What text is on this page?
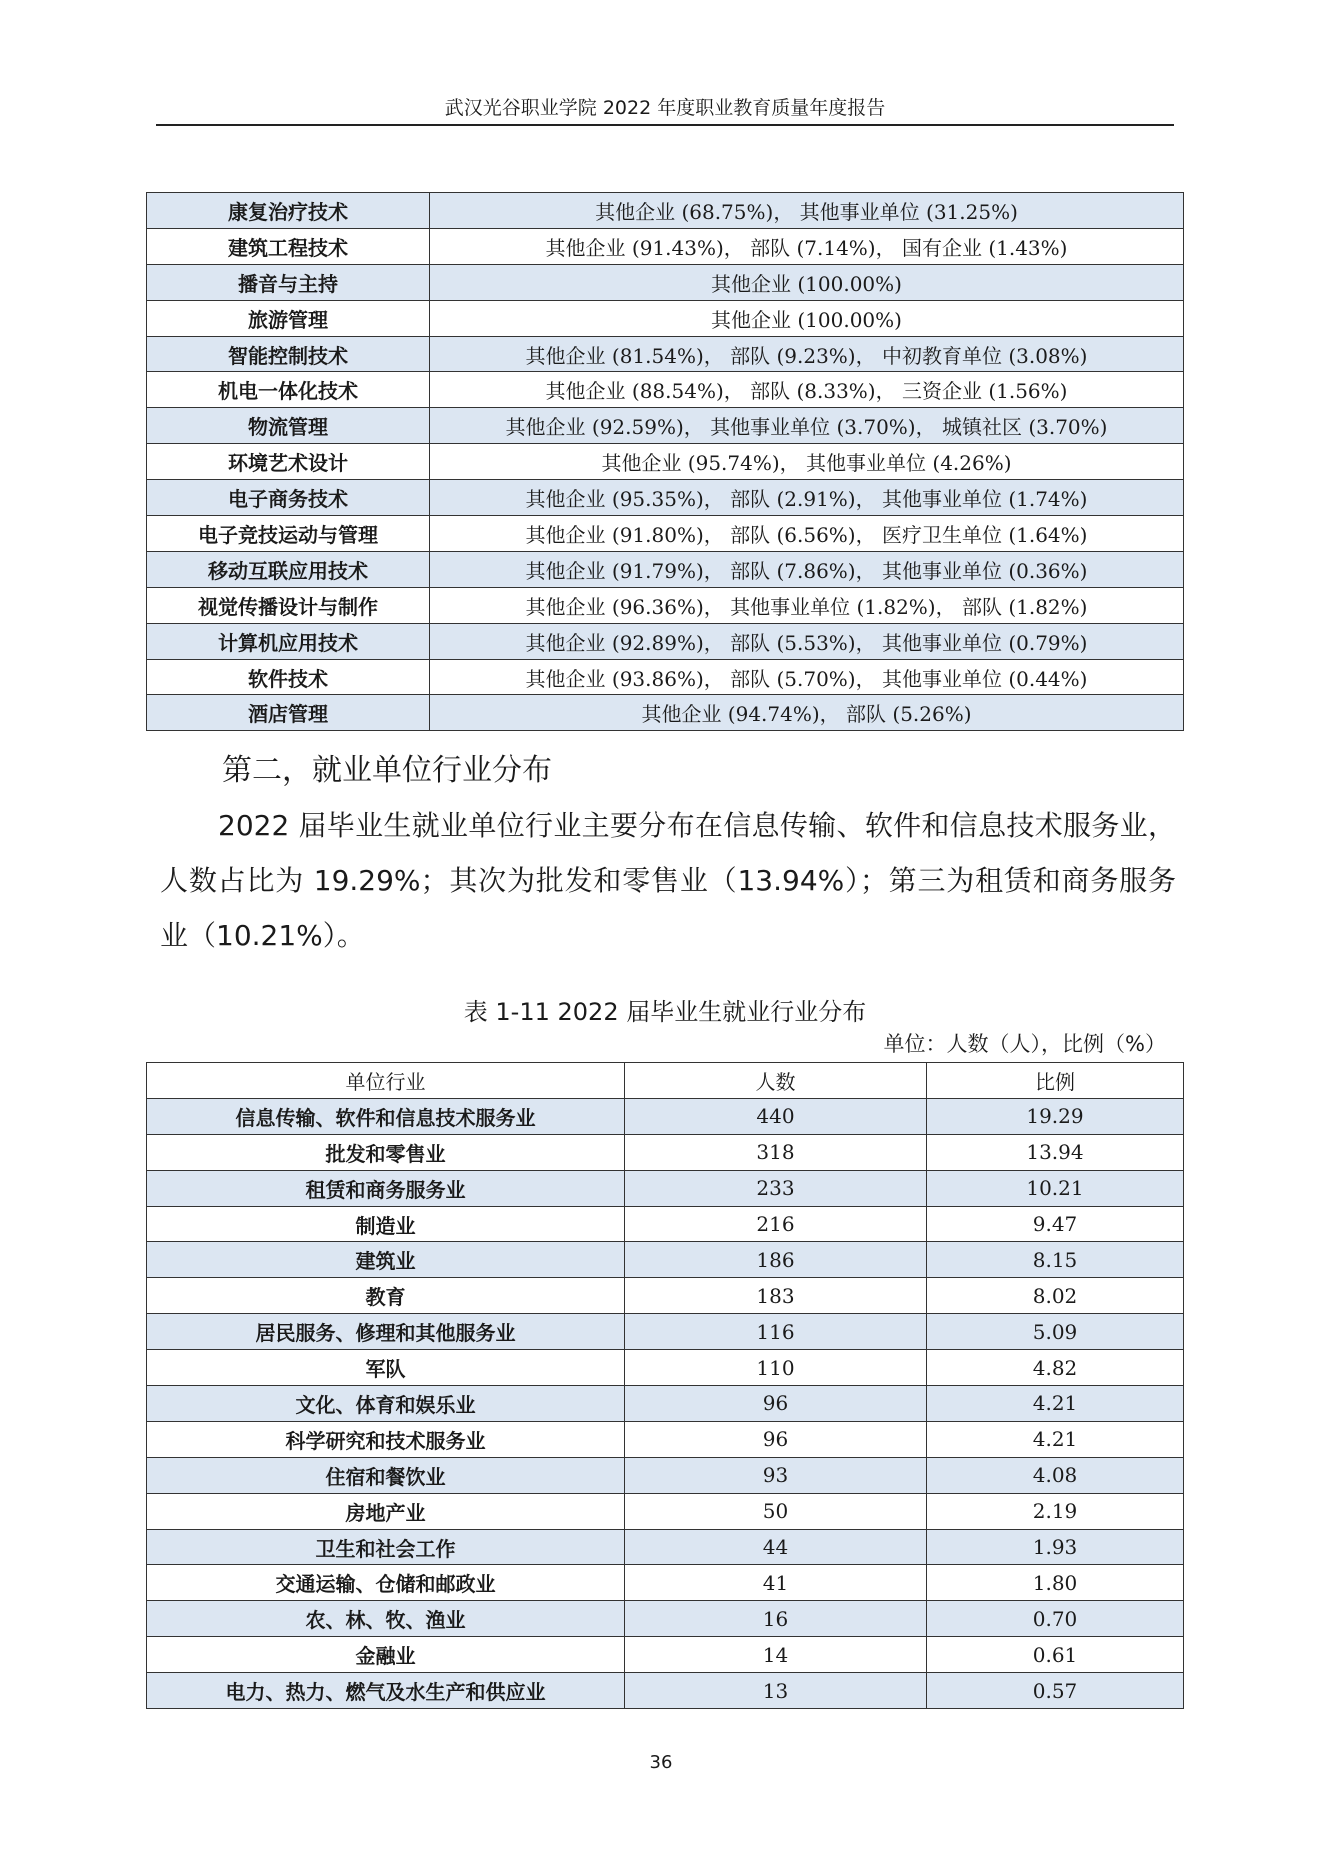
武汉光谷职业学院 2022 年度职业教育质量年度报告
康复治疗技术	其他企业 (68.75%)， 其他事业单位 (31.25%)
建筑工程技术	其他企业 (91.43%)， 部队 (7.14%)， 国有企业 (1.43%)
播音与主持	其他企业 (100.00%)
旅游管理	其他企业 (100.00%)
智能控制技术	其他企业 (81.54%)， 部队 (9.23%)， 中初教育单位 (3.08%)
机电一体化技术	其他企业 (88.54%)， 部队 (8.33%)， 三资企业 (1.56%)
物流管理	其他企业 (92.59%)， 其他事业单位 (3.70%)， 城镇社区 (3.70%)
环境艺术设计	其他企业 (95.74%)， 其他事业单位 (4.26%)
电子商务技术	其他企业 (95.35%)， 部队 (2.91%)， 其他事业单位 (1.74%)
电子竞技运动与管理	其他企业 (91.80%)， 部队 (6.56%)， 医疗卫生单位 (1.64%)
移动互联应用技术	其他企业 (91.79%)， 部队 (7.86%)， 其他事业单位 (0.36%)
视觉传播设计与制作	其他企业 (96.36%)， 其他事业单位 (1.82%)， 部队 (1.82%)
计算机应用技术	其他企业 (92.89%)， 部队 (5.53%)， 其他事业单位 (0.79%)
软件技术	其他企业 (93.86%)， 部队 (5.70%)， 其他事业单位 (0.44%)
酒店管理	其他企业 (94.74%)， 部队 (5.26%)
第二，就业单位行业分布
2022 届毕业生就业单位行业主要分布在信息传输、软件和信息技术服务业，人数占比为 19.29%；其次为批发和零售业（13.94%）；第三为租赁和商务服务业（10.21%）。
表 1-11 2022 届毕业生就业行业分布
单位：人数（人），比例（%）
单位行业	人数	比例
信息传输、软件和信息技术服务业	440	19.29
批发和零售业	318	13.94
租赁和商务服务业	233	10.21
制造业	216	9.47
建筑业	186	8.15
教育	183	8.02
居民服务、修理和其他服务业	116	5.09
军队	110	4.82
文化、体育和娱乐业	96	4.21
科学研究和技术服务业	96	4.21
住宿和餐饮业	93	4.08
房地产业	50	2.19
卫生和社会工作	44	1.93
交通运输、仓储和邮政业	41	1.80
农、林、牧、渔业	16	0.70
金融业	14	0.61
电力、热力、燃气及水生产和供应业	13	0.57
36
